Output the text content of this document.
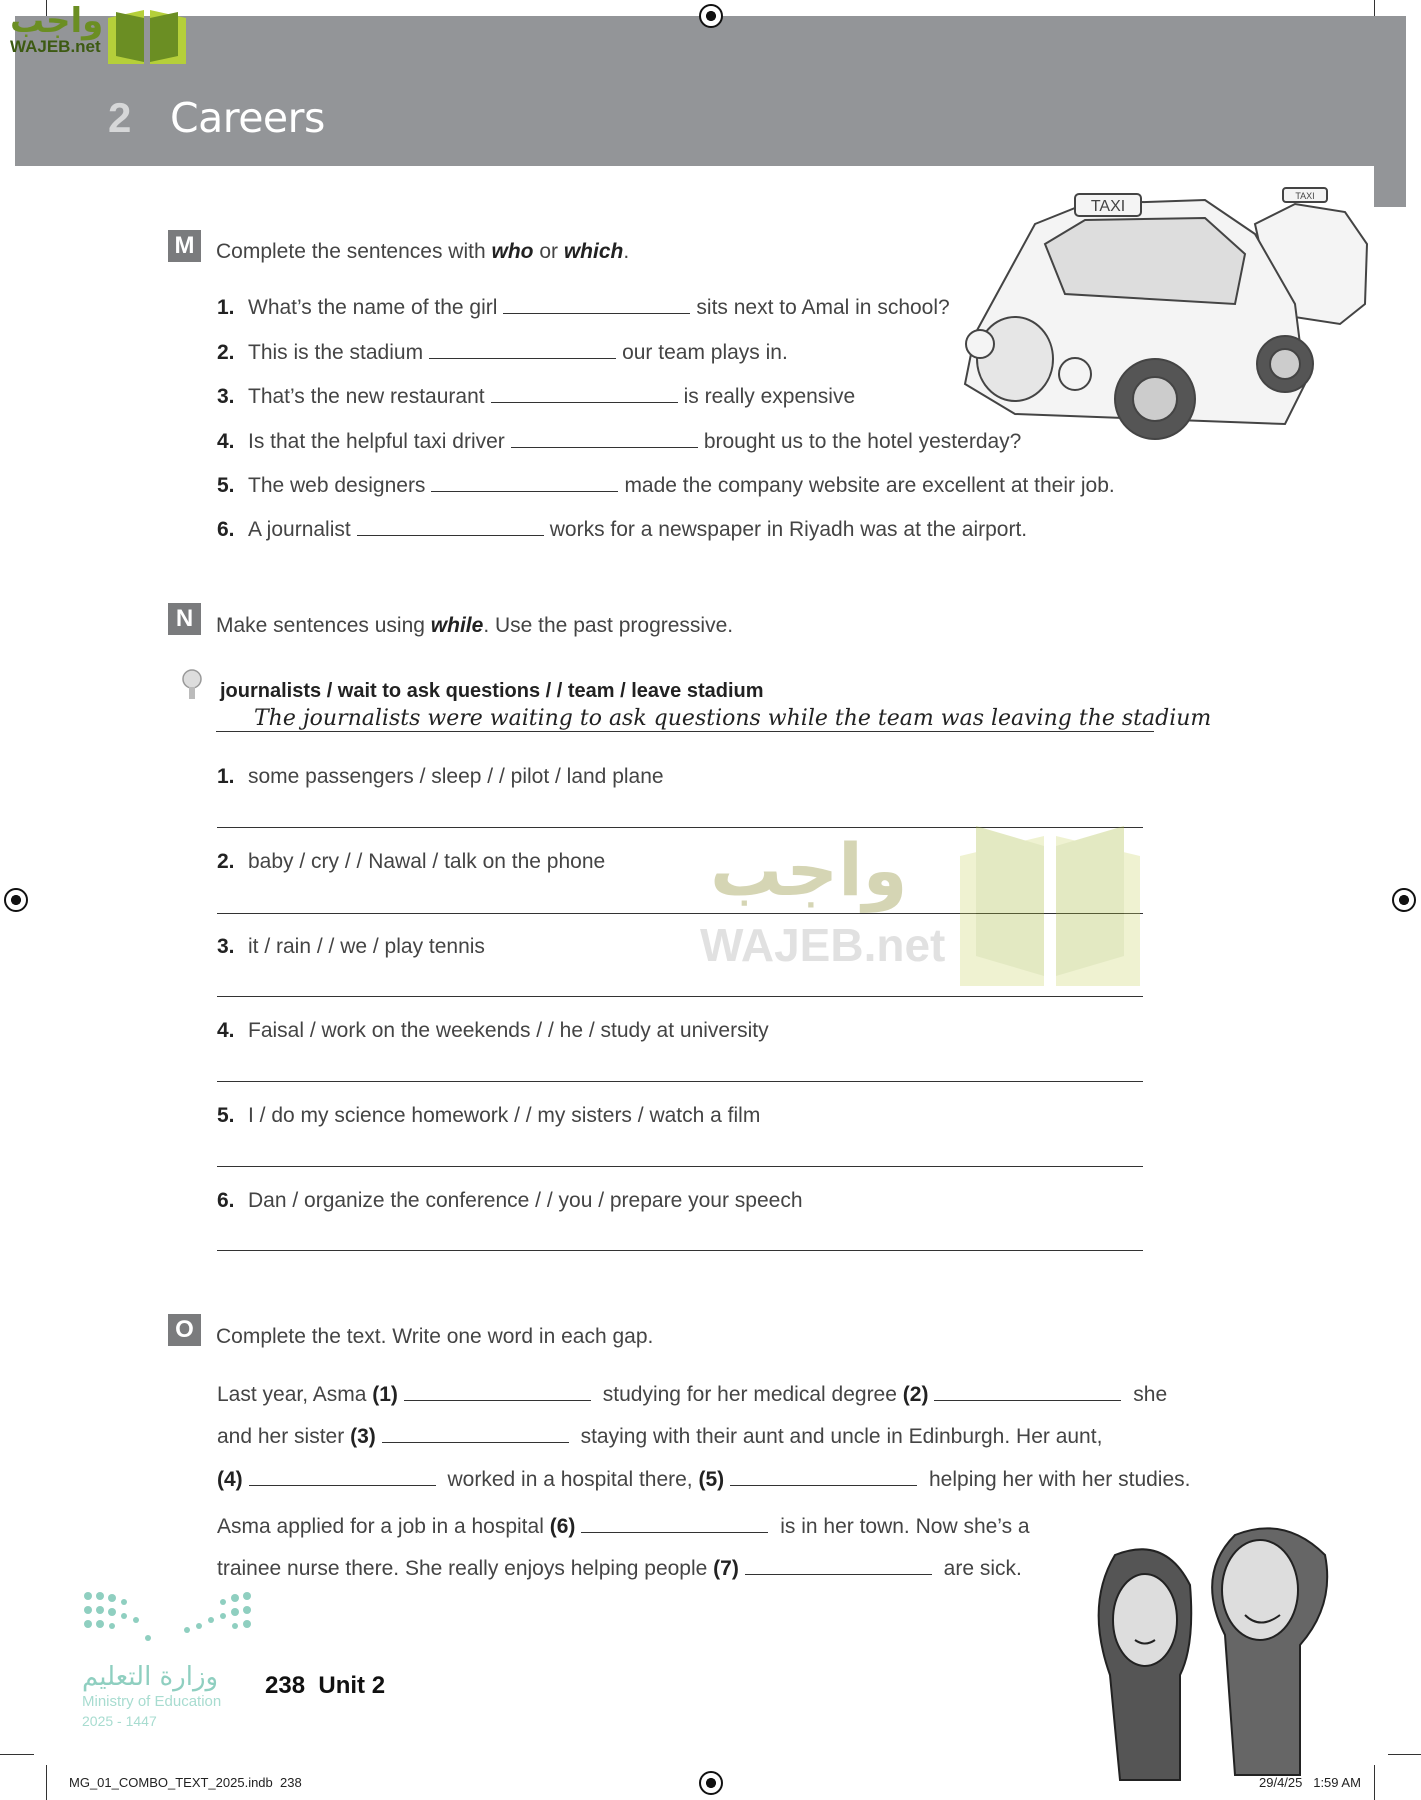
واجب
WAJEB.net
2 Careers
M	Complete the sentences with who or which.
1. What’s the name of the girl	sits next to Amal in school?
2. This is the stadium	our team plays in.
3. That’s the new restaurant	is really expensive
4. Is that the helpful taxi driver	brought us to the hotel yesterday?
5. The web designers	made the company website are excellent at their job.
6. A journalist	works for a newspaper in Riyadh was at the airport.
TAXI
TAXI
N	Make sentences using while. Use the past progressive.
journalists / wait to ask questions / / team / leave stadium
The journalists were waiting to ask questions while the team was leaving the stadium
1. some passengers / sleep / / pilot / land plane
2. baby / cry / / Nawal / talk on the phone
3. it / rain / / we / play tennis
4. Faisal / work on the weekends / / he / study at university
5. I / do my science homework / / my sisters / watch a film
6. Dan / organize the conference / / you / prepare your speech
واجب
WAJEB.net
O	Complete the text. Write one word in each gap.
Last year, Asma (1)	studying for her medical degree (2)	she
and her sister (3)	staying with their aunt and uncle in Edinburgh. Her aunt,
(4)	worked in a hospital there, (5)	helping her with her studies.
Asma applied for a job in a hospital (6)	is in her town. Now she’s a
trainee nurse there. She really enjoys helping people (7)	are sick.
وزارة التعليم
Ministry of Education
2025 - 1447
238  Unit 2
MG_01_COMBO_TEXT_2025.indb  238	29/4/25   1:59 AM
